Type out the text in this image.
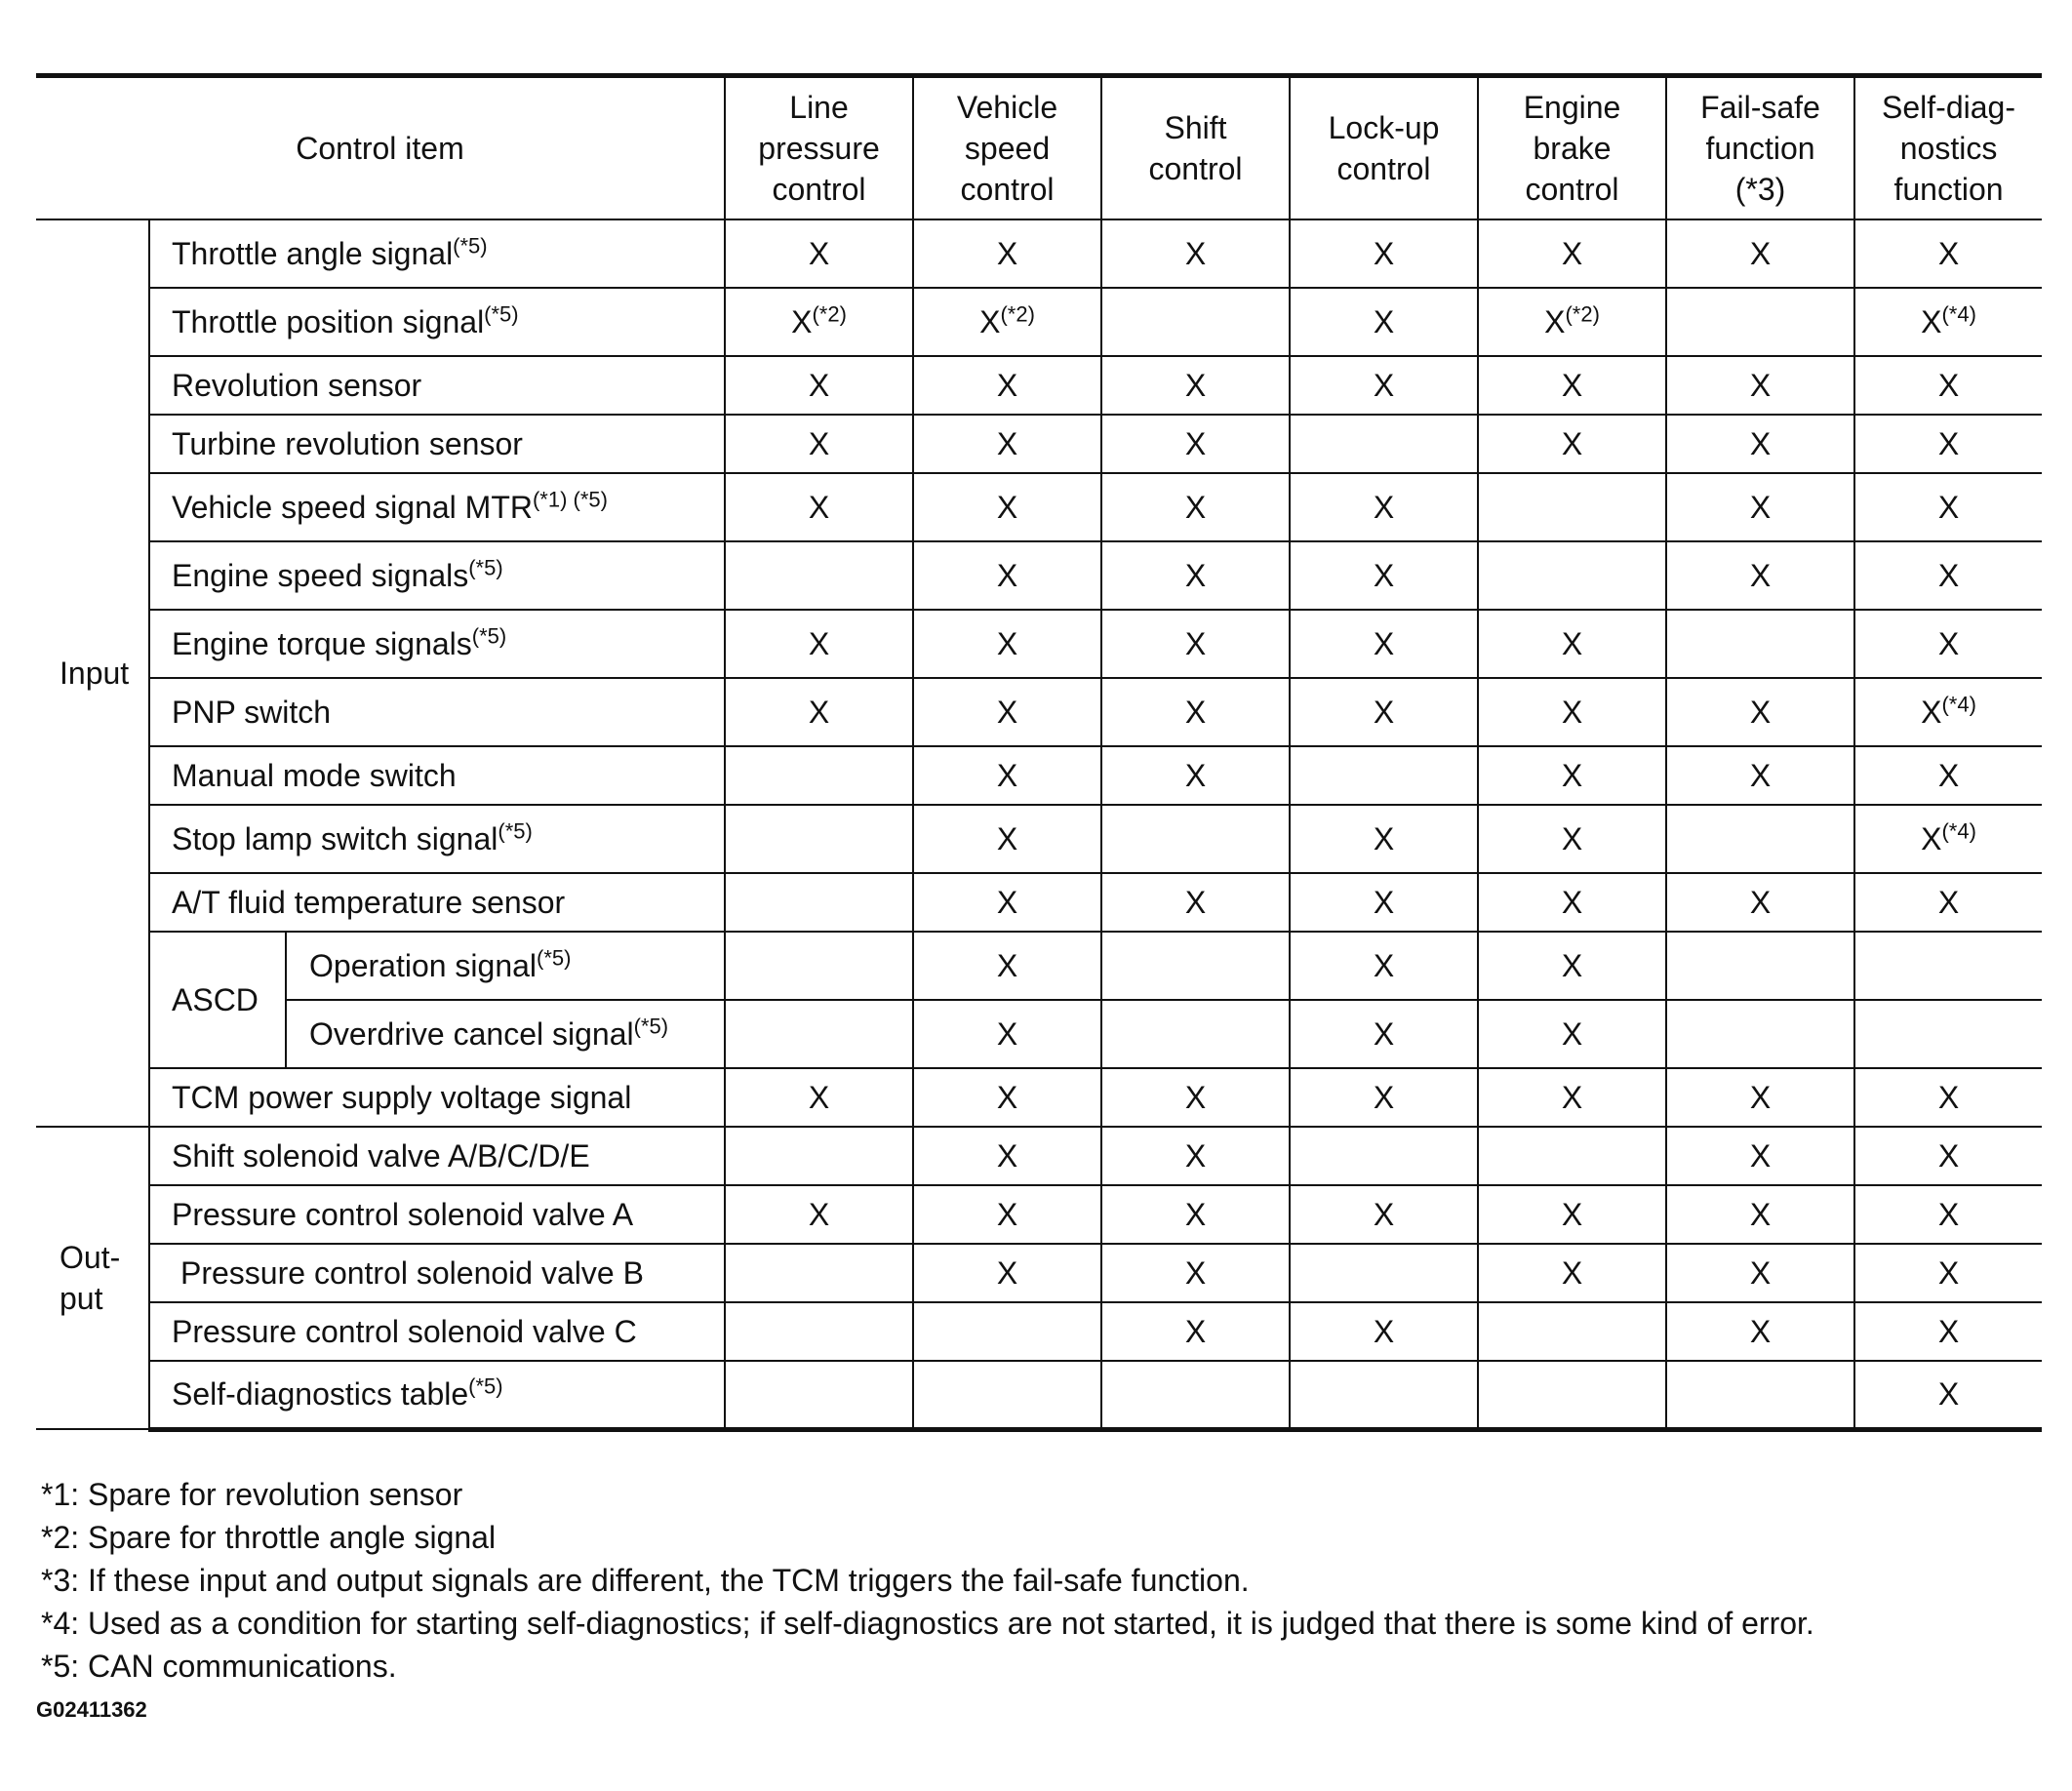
Control item			Line
pressure
control	Vehicle
speed
control	Shift
control	Lock-up
control	Engine
brake
control	Fail-safe
function
(*3)	Self-diag-
nostics
function
Input	Throttle angle signal$^{(*5)}$		X	X	X	X	X	X	X
	Throttle position signal$^{(*5)}$		$X^{(*2)}$	$X^{(*2)}$		X	$X^{(*2)}$		$X^{(*4)}$
	Revolution sensor		X	X	X	X	X	X	X
	Turbine revolution sensor		X	X	X		X	X	X
	Vehicle speed signal $MTR^{(*1) (*5)}$		X	X	X	X		X	X
	Engine speed signals$^{(*5)}$			X	X	X		X	X
	Engine torque signals$^{(*5)}$		X	X	X	X	X		X
	PNP switch		X	X	X	X	X	X	$X^{(*4)}$
	Manual mode switch			X	X		X	X	X
	Stop lamp switch signal$^{(*5)}$			X		X	X		$X^{(*4)}$
	A/T fluid temperature sensor			X	X	X	X	X	X
	ASCD	Operation signal$^{(*5)}$		X		X	X		
		Overdrive cancel signal$^{(*5)}$		X		X	X		
	TCM power supply voltage signal		X	X	X	X	X	X	X
Out-
put	Shift solenoid valve A/B/C/D/E			X	X			X	X
	Pressure control solenoid valve A		X	X	X	X	X	X	X
	Pressure control solenoid valve B			X	X		X	X	X
	Pressure control solenoid valve C				X	X		X	X
	Self-diagnostics table$^{(*5)}$								X
*1: Spare for revolution sensor
*2: Spare for throttle angle signal
*3: If these input and output signals are different, the TCM triggers the fail-safe function.
*4: Used as a condition for starting self-diagnostics; if self-diagnostics are not started, it is judged that there is some kind of error.
*5: CAN communications.
G02411362
